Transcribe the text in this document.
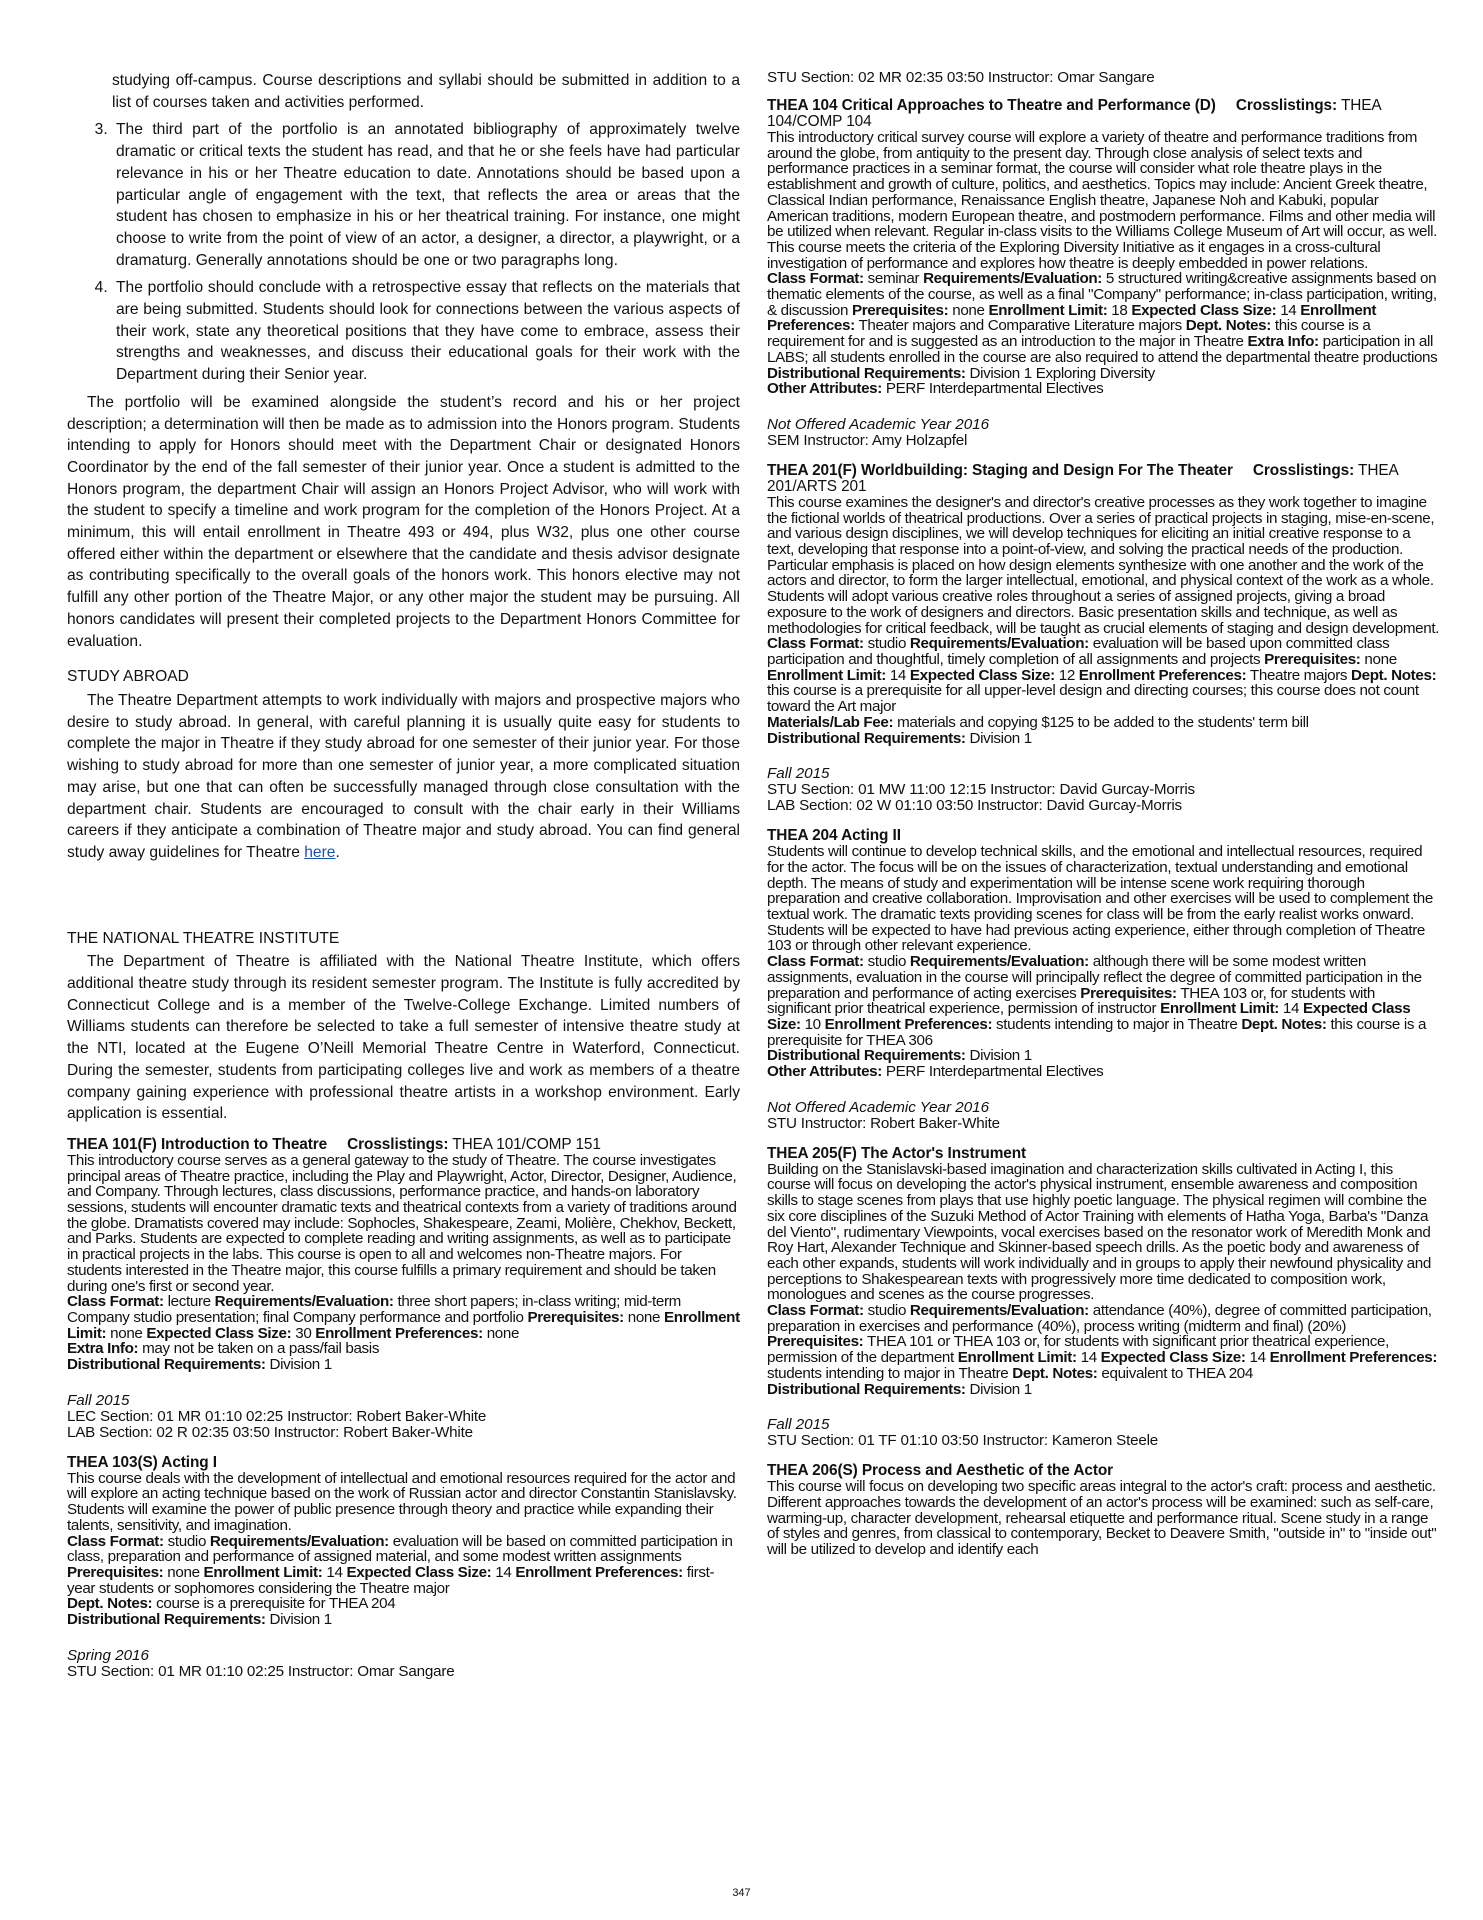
studying off-campus. Course descriptions and syllabi should be submitted in addition to a list of courses taken and activities performed.

3. The third part of the portfolio is an annotated bibliography of approximately twelve dramatic or critical texts the student has read, and that he or she feels have had particular relevance in his or her Theatre education to date. Annotations should be based upon a particular angle of engagement with the text, that reflects the area or areas that the student has chosen to emphasize in his or her theatrical training. For instance, one might choose to write from the point of view of an actor, a designer, a director, a playwright, or a dramaturg. Generally annotations should be one or two paragraphs long.
4. The portfolio should conclude with a retrospective essay that reflects on the materials that are being submitted. Students should look for connections between the various aspects of their work, state any theoretical positions that they have come to embrace, assess their strengths and weaknesses, and discuss their educational goals for their work with the Department during their Senior year.

The portfolio will be examined alongside the student’s record and his or her project description; a determination will then be made as to admission into the Honors program. Students intending to apply for Honors should meet with the Department Chair or designated Honors Coordinator by the end of the fall semester of their junior year. Once a student is admitted to the Honors program, the department Chair will assign an Honors Project Advisor, who will work with the student to specify a timeline and work program for the completion of the Honors Project. At a minimum, this will entail enrollment in Theatre 493 or 494, plus W32, plus one other course offered either within the department or elsewhere that the candidate and thesis advisor designate as contributing specifically to the overall goals of the honors work. This honors elective may not fulfill any other portion of the Theatre Major, or any other major the student may be pursuing. All honors candidates will present their completed projects to the Department Honors Committee for evaluation.

STUDY ABROAD

The Theatre Department attempts to work individually with majors and prospective majors who desire to study abroad. In general, with careful planning it is usually quite easy for students to complete the major in Theatre if they study abroad for one semester of their junior year. For those wishing to study abroad for more than one semester of junior year, a more complicated situation may arise, but one that can often be successfully managed through close consultation with the department chair. Students are encouraged to consult with the chair early in their Williams careers if they anticipate a combination of Theatre major and study abroad. You can find general study away guidelines for Theatre here.

THE NATIONAL THEATRE INSTITUTE

The Department of Theatre is affiliated with the National Theatre Institute, which offers additional theatre study through its resident semester program. The Institute is fully accredited by Connecticut College and is a member of the Twelve-College Exchange. Limited numbers of Williams students can therefore be selected to take a full semester of intensive theatre study at the NTI, located at the Eugene O’Neill Memorial Theatre Centre in Waterford, Connecticut. During the semester, students from participating colleges live and work as members of a theatre company gaining experience with professional theatre artists in a workshop environment. Early application is essential.

THEA 101(F) Introduction to Theatre Crosslistings: THEA 101/COMP 151

This introductory course serves as a general gateway to the study of Theatre. The course investigates principal areas of Theatre practice, including the Play and Playwright, Actor, Director, Designer, Audience, and Company. Through lectures, class discussions, performance practice, and hands-on laboratory sessions, students will encounter dramatic texts and theatrical contexts from a variety of traditions around the globe. Dramatists covered may include: Sophocles, Shakespeare, Zeami, Molière, Chekhov, Beckett, and Parks. Students are expected to complete reading and writing assignments, as well as to participate in practical projects in the labs. This course is open to all and welcomes non-Theatre majors. For students interested in the Theatre major, this course fulfills a primary requirement and should be taken during one's first or second year.

Class Format: lecture Requirements/Evaluation: three short papers; in-class writing; mid-term Company studio presentation; final Company performance and portfolio Prerequisites: none Enrollment Limit: none Expected Class Size: 30 Enrollment Preferences: none
Extra Info: may not be taken on a pass/fail basis
Distributional Requirements: Division 1

Fall 2015

LEC Section: 01 MR 01:10 02:25 Instructor: Robert Baker-White

LAB Section: 02 R 02:35 03:50 Instructor: Robert Baker-White

THEA 103(S) Acting I

This course deals with the development of intellectual and emotional resources required for the actor and will explore an acting technique based on the work of Russian actor and director Constantin Stanislavsky. Students will examine the power of public presence through theory and practice while expanding their talents, sensitivity, and imagination.

Class Format: studio Requirements/Evaluation: evaluation will be based on committed participation in class, preparation and performance of assigned material, and some modest written assignments Prerequisites: none Enrollment Limit: 14 Expected Class Size: 14 Enrollment Preferences: first-year students or sophomores considering the Theatre major
Dept. Notes: course is a prerequisite for THEA 204
Distributional Requirements: Division 1

Spring 2016

STU Section: 01 MR 01:10 02:25 Instructor: Omar Sangare

STU Section: 02 MR 02:35 03:50 Instructor: Omar Sangare

THEA 104 Critical Approaches to Theatre and Performance (D) Crosslistings: THEA 104/COMP 104

This introductory critical survey course will explore a variety of theatre and performance traditions from around the globe, from antiquity to the present day. Through close analysis of select texts and performance practices in a seminar format, the course will consider what role theatre plays in the establishment and growth of culture, politics, and aesthetics. Topics may include: Ancient Greek theatre, Classical Indian performance, Renaissance English theatre, Japanese Noh and Kabuki, popular American traditions, modern European theatre, and postmodern performance. Films and other media will be utilized when relevant. Regular in-class visits to the Williams College Museum of Art will occur, as well. This course meets the criteria of the Exploring Diversity Initiative as it engages in a cross-cultural investigation of performance and explores how theatre is deeply embedded in power relations.

Class Format: seminar Requirements/Evaluation: 5 structured writing&creative assignments based on thematic elements of the course, as well as a final "Company" performance; in-class participation, writing, & discussion Prerequisites: none Enrollment Limit: 18 Expected Class Size: 14 Enrollment Preferences: Theater majors and Comparative Literature majors Dept. Notes: this course is a requirement for and is suggested as an introduction to the major in Theatre Extra Info: participation in all LABS; all students enrolled in the course are also required to attend the departmental theatre productions
Distributional Requirements: Division 1 Exploring Diversity
Other Attributes: PERF Interdepartmental Electives

Not Offered Academic Year 2016

SEM Instructor: Amy Holzapfel

THEA 201(F) Worldbuilding: Staging and Design For The Theater Crosslistings: THEA 201/ARTS 201

This course examines the designer's and director's creative processes as they work together to imagine the fictional worlds of theatrical productions. Over a series of practical projects in staging, mise-en-scene, and various design disciplines, we will develop techniques for eliciting an initial creative response to a text, developing that response into a point-of-view, and solving the practical needs of the production. Particular emphasis is placed on how design elements synthesize with one another and the work of the actors and director, to form the larger intellectual, emotional, and physical context of the work as a whole. Students will adopt various creative roles throughout a series of assigned projects, giving a broad exposure to the work of designers and directors. Basic presentation skills and technique, as well as methodologies for critical feedback, will be taught as crucial elements of staging and design development.

Class Format: studio Requirements/Evaluation: evaluation will be based upon committed class participation and thoughtful, timely completion of all assignments and projects Prerequisites: none Enrollment Limit: 14 Expected Class Size: 12 Enrollment Preferences: Theatre majors Dept. Notes: this course is a prerequisite for all upper-level design and directing courses; this course does not count toward the Art major
Materials/Lab Fee: materials and copying $125 to be added to the students' term bill
Distributional Requirements: Division 1

Fall 2015

STU Section: 01 MW 11:00 12:15 Instructor: David Gurcay-Morris

LAB Section: 02 W 01:10 03:50 Instructor: David Gurcay-Morris

THEA 204 Acting II

Students will continue to develop technical skills, and the emotional and intellectual resources, required for the actor. The focus will be on the issues of characterization, textual understanding and emotional depth. The means of study and experimentation will be intense scene work requiring thorough preparation and creative collaboration. Improvisation and other exercises will be used to complement the textual work. The dramatic texts providing scenes for class will be from the early realist works onward. Students will be expected to have had previous acting experience, either through completion of Theatre 103 or through other relevant experience.

Class Format: studio Requirements/Evaluation: although there will be some modest written assignments, evaluation in the course will principally reflect the degree of committed participation in the preparation and performance of acting exercises Prerequisites: THEA 103 or, for students with significant prior theatrical experience, permission of instructor Enrollment Limit: 14 Expected Class Size: 10 Enrollment Preferences: students intending to major in Theatre Dept. Notes: this course is a prerequisite for THEA 306
Distributional Requirements: Division 1
Other Attributes: PERF Interdepartmental Electives

Not Offered Academic Year 2016

STU Instructor: Robert Baker-White

THEA 205(F) The Actor's Instrument

Building on the Stanislavski-based imagination and characterization skills cultivated in Acting I, this course will focus on developing the actor's physical instrument, ensemble awareness and composition skills to stage scenes from plays that use highly poetic language. The physical regimen will combine the six core disciplines of the Suzuki Method of Actor Training with elements of Hatha Yoga, Barba's "Danza del Viento", rudimentary Viewpoints, vocal exercises based on the resonator work of Meredith Monk and Roy Hart, Alexander Technique and Skinner-based speech drills. As the poetic body and awareness of each other expands, students will work individually and in groups to apply their newfound physicality and perceptions to Shakespearean texts with progressively more time dedicated to composition work, monologues and scenes as the course progresses.

Class Format: studio Requirements/Evaluation: attendance (40%), degree of committed participation, preparation in exercises and performance (40%), process writing (midterm and final) (20%) Prerequisites: THEA 101 or THEA 103 or, for students with significant prior theatrical experience, permission of the department Enrollment Limit: 14 Expected Class Size: 14 Enrollment Preferences: students intending to major in Theatre Dept. Notes: equivalent to THEA 204
Distributional Requirements: Division 1

Fall 2015

STU Section: 01 TF 01:10 03:50 Instructor: Kameron Steele

THEA 206(S) Process and Aesthetic of the Actor

This course will focus on developing two specific areas integral to the actor's craft: process and aesthetic. Different approaches towards the development of an actor's process will be examined: such as self-care, warming-up, character development, rehearsal etiquette and performance ritual. Scene study in a range of styles and genres, from classical to contemporary, Becket to Deavere Smith, "outside in" to "inside out" will be utilized to develop and identify each

347
